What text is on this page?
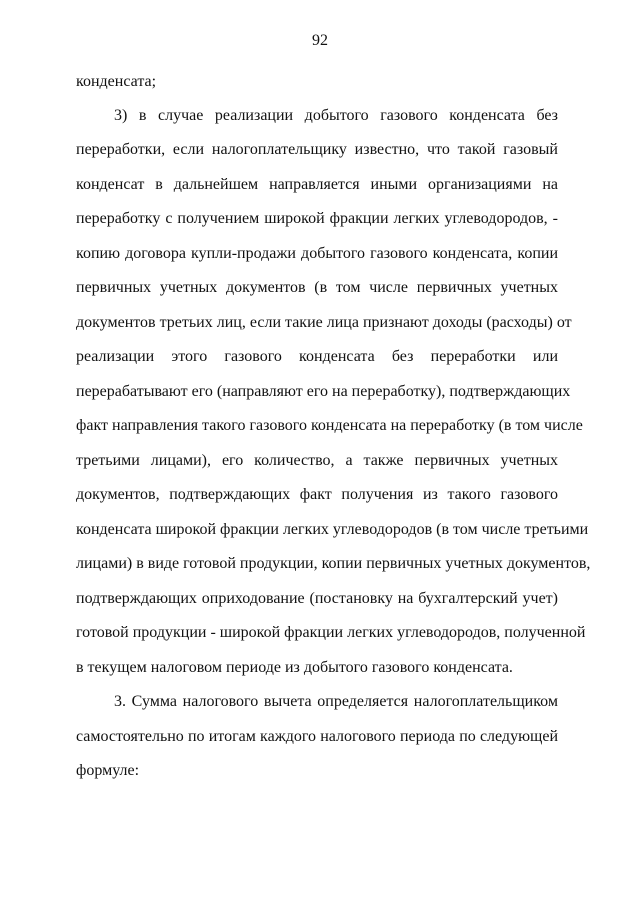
92
конденсата;
3) в случае реализации добытого газового конденсата без
переработки, если налогоплательщику известно, что такой газовый
конденсат в дальнейшем направляется иными организациями на
переработку с получением широкой фракции легких углеводородов, -
копию договора купли-продажи добытого газового конденсата, копии
первичных учетных документов (в том числе первичных учетных
документов третьих лиц, если такие лица признают доходы (расходы) от
реализации этого газового конденсата без переработки или
перерабатывают его (направляют его на переработку), подтверждающих
факт направления такого газового конденсата на переработку (в том числе
третьими лицами), его количество, а также первичных учетных
документов, подтверждающих факт получения из такого газового
конденсата широкой фракции легких углеводородов (в том числе третьими
лицами) в виде готовой продукции, копии первичных учетных документов,
подтверждающих оприходование (постановку на бухгалтерский учет)
готовой продукции - широкой фракции легких углеводородов, полученной
в текущем налоговом периоде из добытого газового конденсата.
3. Сумма налогового вычета определяется налогоплательщиком
самостоятельно по итогам каждого налогового периода по следующей
формуле:
